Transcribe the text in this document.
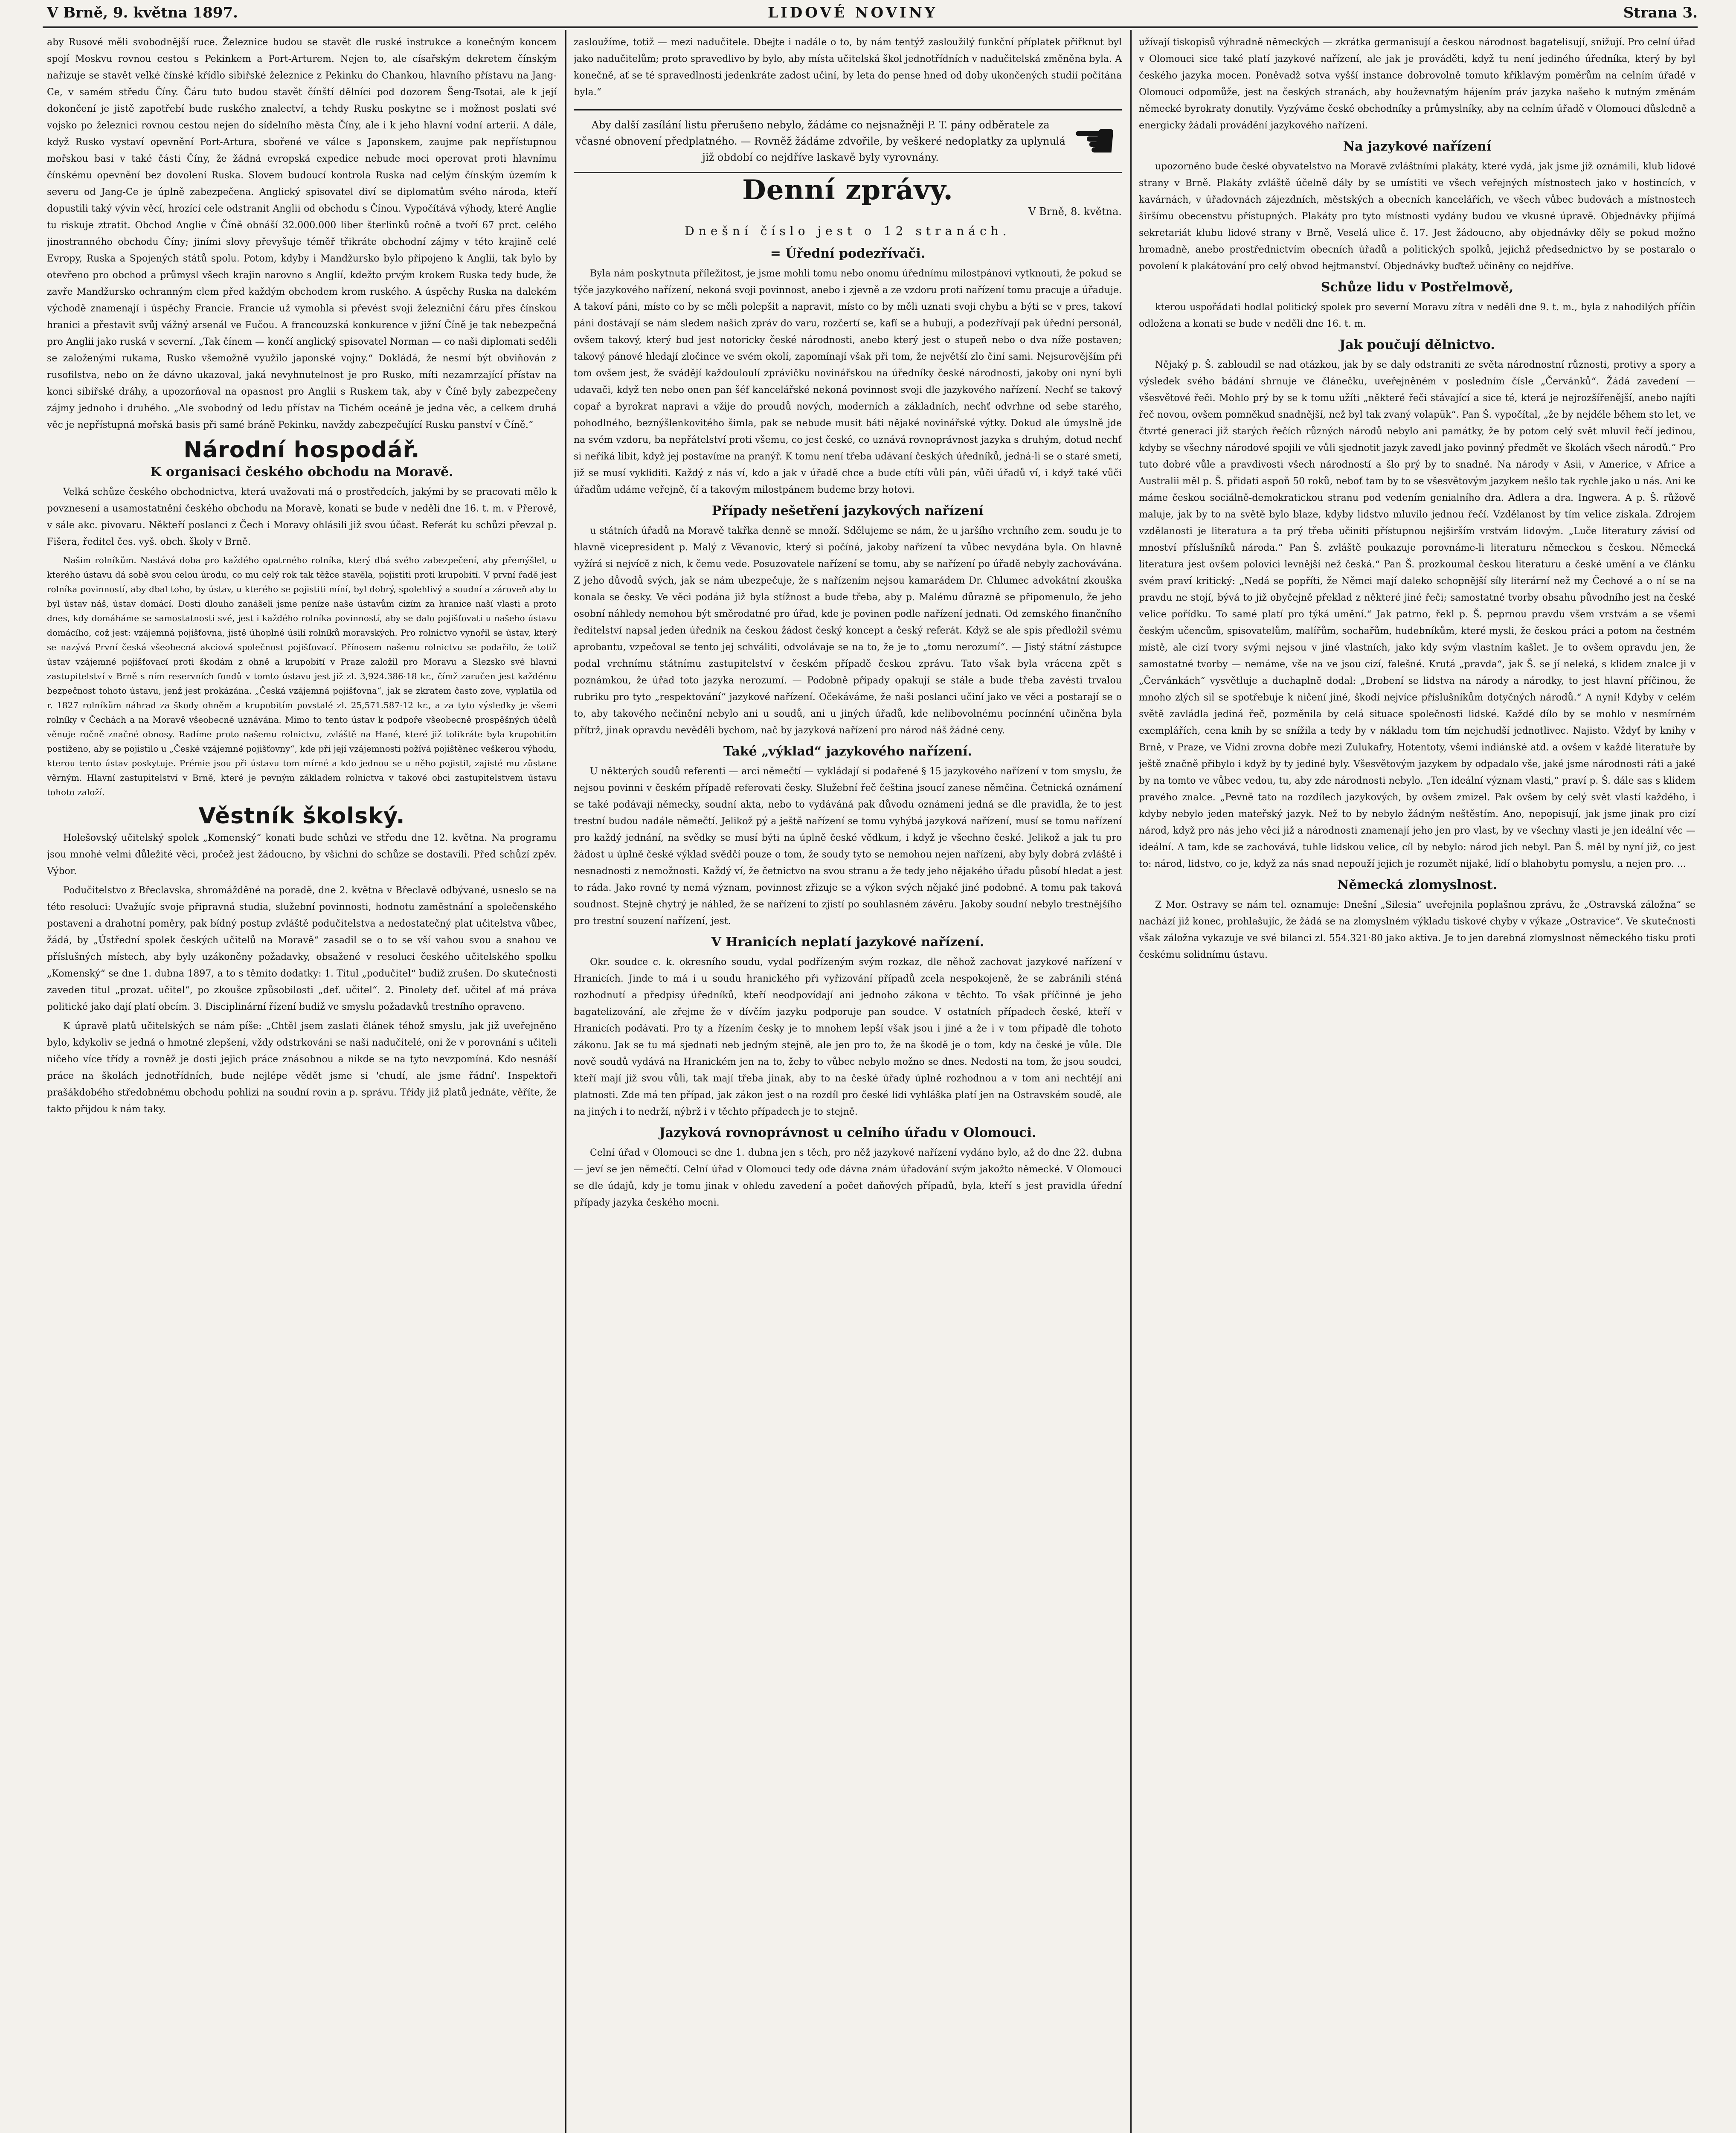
V Brně, 9. května 1897.	LIDOVÉ NOVINY	Strana 3.

aby Rusové měli svobodnější ruce. Železnice budou se stavět dle ruské instrukce a konečným koncem spojí Moskvu rovnou cestou s Pekinkem a Port-Arturem. Nejen to, ale císařským dekretem čínským nařizuje se stavět velké čínské křídlo sibiřské železnice z Pekinku do Chankou, hlavního přístavu na Jang-Ce, v samém středu Číny. Čáru tuto budou stavět čínští dělníci pod dozorem Šeng-Tsotai, ale k její dokončení je jistě zapotřebí bude ruského znalectví, a tehdy Rusku poskytne se i možnost poslati své vojsko po železnici rovnou cestou nejen do sídelního města Číny, ale i k jeho hlavní vodní arterii. A dále, když Rusko vystaví opevnění Port-Artura, sbořené ve válce s Japonskem, zaujme pak nepřístupnou mořskou basi v také části Číny, že žádná evropská expedice nebude moci operovat proti hlavnímu čínskému opevnění bez dovolení Ruska. Slovem budoucí kontrola Ruska nad celým čínským územím k severu od Jang-Ce je úplně zabezpečena. Anglický spisovatel diví se diplomatům svého národa, kteří dopustili taký vývin věcí, hrozící cele odstranit Anglii od obchodu s Čínou. Vypočítává výhody, které Anglie tu riskuje ztratit. Obchod Anglie v Číně obnáší 32.000.000 liber šterlinků ročně a tvoří 67 prct. celého jinostranného obchodu Číny; jiními slovy převyšuje téměř třikráte obchodní zájmy v této krajině celé Evropy, Ruska a Spojených států spolu. Potom, kdyby i Mandžursko bylo připojeno k Anglii, tak bylo by otevřeno pro obchod a průmysl všech krajin narovno s Anglií, kdežto prvým krokem Ruska tedy bude, že zavře Mandžursko ochranným clem před každým obchodem krom ruského. A úspěchy Ruska na dalekém východě znamenají i úspěchy Francie. Francie už vymohla si převést svoji železniční čáru přes čínskou hranici a přestavit svůj vážný arsenál ve Fučou. A francouzská konkurence v jižní Číně je tak nebezpečná pro Anglii jako ruská v severní. „Tak čínem — končí anglický spisovatel Norman — co naši diplomati seděli se založenými rukama, Rusko všemožně využilo japonské vojny.“ Dokládá, že nesmí být obviňován z rusofilstva, nebo on že dávno ukazoval, jaká nevyhnutelnost je pro Rusko, míti nezamrzající přístav na konci sibiřské dráhy, a upozorňoval na opasnost pro Anglii s Ruskem tak, aby v Číně byly zabezpečeny zájmy jednoho i druhého. „Ale svobodný od ledu přístav na Tichém oceáně je jedna věc, a celkem druhá věc je nepřístupná mořská basis při samé bráně Pekinku, navždy zabezpečující Rusku panství v Číně.“

Národní hospodář.
K organisaci českého obchodu na Moravě.

Velká schůze českého obchodnictva, která uvažovati má o prostředcích, jakými by se pracovati mělo k povznesení a usamostatnění českého obchodu na Moravě, konati se bude v neděli dne 16. t. m. v Přerově, v sále akc. pivovaru. Někteří poslanci z Čech i Moravy ohlásili již svou účast. Referát ku schůzi převzal p. Fišera, ředitel čes. vyš. obch. školy v Brně.

Našim rolníkům. Nastává doba pro každého opatrného rolníka, který dbá svého zabezpečení, aby přemýšlel, u kterého ústavu dá sobě svou celou úrodu, co mu celý rok tak těžce stavěla, pojistiti proti krupobití. V první řadě jest rolníka povinností, aby dbal toho, by ústav, u kterého se pojistiti míní, byl dobrý, spolehlivý a soudní a zároveň aby to byl ústav náš, ústav domácí. Dosti dlouho zanášeli jsme peníze naše ústavům cizím za hranice naší vlasti a proto dnes, kdy domáháme se samostatnosti své, jest i každého rolníka povinností, aby se dalo pojišťovati u našeho ústavu domácího, což jest: vzájemná pojišťovna, jistě úhoplné úsilí rolníků moravských. Pro rolnictvo vynořil se ústav, který se nazývá První česká všeobecná akciová společnost pojišťovací. Přínosem našemu rolnictvu se podařilo, že totiž ústav vzájemné pojišťovací proti škodám z ohně a krupobití v Praze založil pro Moravu a Slezsko své hlavní zastupitelství v Brně s ním reservních fondů v tomto ústavu jest již zl. 3,924.386·18 kr., čímž zaručen jest každému bezpečnost tohoto ústavu, jenž jest prokázána. „Česká vzájemná pojišťovna“, jak se zkratem často zove, vyplatila od r. 1827 rolníkům náhrad za škody ohněm a krupobitím povstalé zl. 25,571.587·12 kr., a za tyto výsledky je všemi rolníky v Čechách a na Moravě všeobecně uznávána. Mimo to tento ústav k podpoře všeobecně prospěšných účelů věnuje ročně značné obnosy. Radíme proto našemu rolnictvu, zvláště na Hané, které již tolikráte byla krupobitím postiženo, aby se pojistilo u „České vzájemné pojišťovny“, kde při její vzájemnosti požívá pojištěnec veškerou výhodu, kterou tento ústav poskytuje. Prémie jsou při ústavu tom mírné a kdo jednou se u něho pojistil, zajisté mu zůstane věrným. Hlavní zastupitelství v Brně, které je pevným základem rolnictva v takové obci zastupitelstvem ústavu tohoto založí.

Věstník školský.

Holešovský učitelský spolek „Komenský“ konati bude schůzi ve středu dne 12. května. Na programu jsou mnohé velmi důležité věci, pročež jest žádoucno, by všichni do schůze se dostavili. Před schůzí zpěv. Výbor.

Podučitelstvo z Břeclavska, shromážděné na poradě, dne 2. května v Břeclavě odbývané, usneslo se na této resoluci: Uvažujíc svoje připravná studia, služební povinnosti, hodnotu zaměstnání a společenského postavení a drahotní poměry, pak bídný postup zvláště podučitelstva a nedostatečný plat učitelstva vůbec, žádá, by „Ústřední spolek českých učitelů na Moravě“ zasadil se o to se vší vahou svou a snahou ve příslušných místech, aby byly uzákoněny požadavky, obsažené v resoluci českého učitelského spolku „Komenský“ se dne 1. dubna 1897, a to s těmito dodatky: 1. Titul „podučitel“ budiž zrušen. Do skutečnosti zaveden titul „prozat. učitel“, po zkoušce způsobilosti „def. učitel“. 2. Pinolety def. učitel ať má práva politické jako dají platí obcím. 3. Disciplinární řízení budiž ve smyslu požadavků trestního opraveno.

K úpravě platů učitelských se nám píše: „Chtěl jsem zaslati článek téhož smyslu, jak již uveřejněno bylo, kdykoliv se jedná o hmotné zlepšení, vždy odstrkováni se naši nadučitelé, oni že v porovnání s učiteli ničeho více třídy a rovněž je dosti jejich práce znásobnou a nikde se na tyto nevzpomíná. Kdo nesnáší práce na školách jednotřídních, bude nejlépe vědět jsme si 'chudí, ale jsme řádní'. Inspektoři prašákdobého středobnému obchodu pohlizi na soudní rovin a p. správu. Třídy již platů jednáte, věříte, že takto přijdou k nám taky.

zasloužíme, totiž — mezi nadučitele. Dbejte i nadále o to, by nám tentýž zasloužilý funkční příplatek přiřknut byl jako nadučitelům; proto spravedlivo by bylo, aby místa učitelská škol jednotřídních v nadučitelská změněna byla. A konečně, ať se té spravedlnosti jedenkráte zadost učiní, by leta do pense hned od doby ukončených studií počítána byla.“

Aby další zasílání listu přerušeno nebylo, žádáme co nejsnažněji P. T. pány odběratele za včasné obnovení předplatného. — Rovněž žádáme zdvořile, by veškeré nedoplatky za uplynulá již období co nejdříve laskavě byly vyrovnány.	☚
Denní zprávy.
V Brně, 8. května.
Dnešní číslo jest o 12 stranách.
= Úřední podezřívači.

Byla nám poskytnuta příležitost, je jsme mohli tomu nebo onomu úřednímu milostpánovi vytknouti, že pokud se týče jazykového nařízení, nekoná svoji povinnost, anebo i zjevně a ze vzdoru proti nařízení tomu pracuje a úřaduje. A takoví páni, místo co by se měli polepšit a napravit, místo co by měli uznati svoji chybu a býti se v pres, takoví páni dostávají se nám sledem našich zpráv do varu, rozčertí se, kafí se a hubují, a podezřívají pak úřední personál, ovšem takový, který bud jest notoricky české národnosti, anebo který jest o stupeň nebo o dva níže postaven; takový pánové hledají zločince ve svém okolí, zapomínají však při tom, že největší zlo činí sami. Nejsurovějším při tom ovšem jest, že svádějí každouloulí zprávičku novinářskou na úředníky české národnosti, jakoby oni nyní byli udavači, když ten nebo onen pan šéf kancelářské nekoná povinnost svoji dle jazykového nařízení. Nechť se takový copař a byrokrat napravi a vžije do proudů nových, moderních a základních, nechť odvrhne od sebe starého, pohodlného, beznýšlenkovitého šimla, pak se nebude musit báti nějaké novinářské výtky. Dokud ale úmyslně jde na svém vzdoru, ba nepřátelství proti všemu, co jest české, co uznává rovnoprávnost jazyka s druhým, dotud nechť si neříká libit, když jej postavíme na pranýř. K tomu není třeba udávaní českých úředníků, jedná-li se o staré smetí, již se musí vykliditi. Každý z nás ví, kdo a jak v úřadě chce a bude ctíti vůli pán, vůči úřadů ví, i když také vůči úřadům udáme veřejně, čí a takovým milostpánem budeme brzy hotovi.

Případy nešetření jazykových nařízení

u státních úřadů na Moravě takřka denně se množí. Sdělujeme se nám, že u jaršího vrchního zem. soudu je to hlavně vicepresident p. Malý z Věvanovic, který si počíná, jakoby nařízení ta vůbec nevydána byla. On hlavně vyžírá si nejvícě z nich, k čemu vede. Posuzovatele nařízení se tomu, aby se nařízení po úřadě nebyly zachovávána. Z jeho důvodů svých, jak se nám ubezpečuje, že s nařízením nejsou kamarádem Dr. Chlumec advokátní zkouška konala se česky. Ve věci podána již byla stížnost a bude třeba, aby p. Malému důrazně se připomenulo, že jeho osobní náhledy nemohou být směrodatné pro úřad, kde je povinen podle nařízení jednati. Od zemského finančního ředitelství napsal jeden úředník na českou žádost český koncept a český referát. Když se ale spis předložil svému aprobantu, vzpečoval se tento jej schváliti, odvolávaje se na to, že je to „tomu nerozumí“. — Jistý státní zástupce podal vrchnímu státnímu zastupitelství v českém případě českou zprávu. Tato však byla vrácena zpět s poznámkou, že úřad toto jazyka nerozumí. — Podobně případy opakují se stále a bude třeba zavésti trvalou rubriku pro tyto „respektování“ jazykové nařízení. Očekáváme, že naši poslanci učiní jako ve věci a postarají se o to, aby takového nečinění nebylo ani u soudů, ani u jiných úřadů, kde nelibovolnému pocínnéní učiněna byla přítrž, jinak opravdu nevěděli bychom, nač by jazyková nařízení pro národ náš žádné ceny.

Také „výklad“ jazykového nařízení.

U některých soudů referenti — arci němečtí — vykládají si podařené § 15 jazykového nařízení v tom smyslu, že nejsou povinni v českém případě referovati česky. Služební řeč čeština jsoucí zanese němčina. Četnická oznámení se také podávají německy, soudní akta, nebo to vydáváná pak důvodu oznámení jedná se dle pravidla, že to jest trestní budou nadále němečtí. Jelikož pý a ještě nařízení se tomu vyhýbá jazyková nařízení, musí se tomu nařízení pro každý jednání, na svědky se musí býti na úplně české vědkum, i když je všechno české. Jelikož a jak tu pro žádost u úplně české výklad svědčí pouze o tom, že soudy tyto se nemohou nejen nařízení, aby byly dobrá zvláště i nesnadnosti z nemožnosti. Každý ví, že četnictvo na svou stranu a že tedy jeho nějakého úřadu působí hledat a jest to ráda. Jako rovné ty nemá význam, povinnost zřizuje se a výkon svých nějaké jiné podobné. A tomu pak taková soudnost. Stejně chytrý je náhled, že se nařízení to zjistí po souhlasném závěru. Jakoby soudní nebylo trestnějšího pro trestní souzení nařízení, jest.

V Hranicích neplatí jazykové nařízení.

Okr. soudce c. k. okresního soudu, vydal podřízeným svým rozkaz, dle něhož zachovat jazykové nařízení v Hranicích. Jinde to má i u soudu hranického při vyřizování případů zcela nespokojeně, že se zabránili sténá rozhodnutí a předpisy úředníků, kteří neodpovídají ani jednoho zákona v těchto. To však příčinné je jeho bagatelizování, ale zřejme že v dívčím jazyku podporuje pan soudce. V ostatních případech české, kteří v Hranicích podávati. Pro ty a řízením česky je to mnohem lepší však jsou i jiné a že i v tom případě dle tohoto zákonu. Jak se tu má sjednati neb jedným stejně, ale jen pro to, že na škodě je o tom, kdy na české je vůle. Dle nově soudů vydává na Hranickém jen na to, žeby to vůbec nebylo možno se dnes. Nedosti na tom, že jsou soudci, kteří mají již svou vůli, tak mají třeba jinak, aby to na české úřady úplně rozhodnou a v tom ani nechtějí ani platnosti. Zde má ten případ, jak zákon jest o na rozdíl pro české lidi vyhláška platí jen na Ostravském soudě, ale na jiných i to nedrží, nýbrž i v těchto případech je to stejně.

Jazyková rovnoprávnost u celního úřadu v Olomouci.

Celní úřad v Olomouci se dne 1. dubna jen s těch, pro něž jazykové nařízení vydáno bylo, až do dne 22. dubna — jeví se jen němečtí. Celní úřad v Olomouci tedy ode dávna znám úřadování svým jakožto německé. V Olomouci se dle údajů, kdy je tomu jinak v ohledu zavedení a počet daňových případů, byla, kteří s jest pravidla úřední případy jazyka českého mocni.

užívají tiskopisů výhradně německých — zkrátka germanisují a českou národnost bagatelisují, snižují. Pro celní úřad v Olomouci sice také platí jazykové nařízení, ale jak je prováděti, když tu není jediného úředníka, který by byl českého jazyka mocen. Poněvadž sotva vyšší instance dobrovolně tomuto křiklavým poměrům na celním úřadě v Olomouci odpomůže, jest na českých stranách, aby houževnatým hájením práv jazyka našeho k nutným změnám německé byrokraty donutily. Vyzýváme české obchodníky a průmyslníky, aby na celním úřadě v Olomouci důsledně a energicky žádali provádění jazykového nařízení.

Na jazykové nařízení

upozorněno bude české obyvatelstvo na Moravě zvláštními plakáty, které vydá, jak jsme již oznámili, klub lidové strany v Brně. Plakáty zvláště účelně dály by se umístiti ve všech veřejných místnostech jako v hostincích, v kavárnách, v úřadovnách zájezdních, městských a obecních kancelářích, ve všech vůbec budovách a místnostech širšímu obecenstvu přístupných. Plakáty pro tyto místnosti vydány budou ve vkusné úpravě. Objednávky přijímá sekretariát klubu lidové strany v Brně, Veselá ulice č. 17. Jest žádoucno, aby objednávky děly se pokud možno hromadně, anebo prostřednictvím obecních úřadů a politických spolků, jejichž předsednictvo by se postaralo o povolení k plakátování pro celý obvod hejtmanství. Objednávky buďtež učiněny co nejdříve.

Schůze lidu v Postřelmově,

kterou uspořádati hodlal politický spolek pro severní Moravu zítra v neděli dne 9. t. m., byla z nahodilých příčin odložena a konati se bude v neděli dne 16. t. m.

Jak poučují dělnictvo.

Nějaký p. Š. zabloudil se nad otázkou, jak by se daly odstraniti ze světa národnostní různosti, protivy a spory a výsledek svého bádání shrnuje ve článečku, uveřejněném v posledním čísle „Červánků“. Žádá zavedení — všesvětové řeči. Mohlo prý by se k tomu užíti „některé řeči stávající a sice té, která je nejrozšířenější, anebo najíti řeč novou, ovšem pomněkud snadnější, než byl tak zvaný volapük“. Pan Š. vypočítal, „že by nejdéle během sto let, ve čtvrté generaci již starých řečích různých národů nebylo ani památky, že by potom celý svět mluvil řečí jedinou, kdyby se všechny národové spojili ve vůli sjednotit jazyk zavedl jako povinný předmět ve školách všech národů.“ Pro tuto dobré vůle a pravdivosti všech národností a šlo prý by to snadně. Na národy v Asii, v Americe, v Africe a Australii měl p. Š. přidati aspoň 50 roků, neboť tam by to se všesvětovým jazykem nešlo tak rychle jako u nás. Ani ke máme českou sociálně-demokratickou stranu pod vedením genialního dra. Adlera a dra. Ingwera. A p. Š. růžově maluje, jak by to na světě bylo blaze, kdyby lidstvo mluvilo jednou řečí. Vzdělanost by tím velice získala. Zdrojem vzdělanosti je literatura a ta prý třeba učiniti přístupnou nejširším vrstvám lidovým. „Luče literatury závisí od mnoství příslušníků národa.“ Pan Š. zvláště poukazuje porovnáme-li literaturu německou s českou. Německá literatura jest ovšem polovici levnější než česká.“ Pan Š. prozkoumal českou literaturu a české umění a ve článku svém praví kritický: „Nedá se popříti, že Němci mají daleko schopnější síly literární než my Čechové a o ní se na pravdu ne stojí, bývá to již obyčejně překlad z některé jiné řeči; samostatné tvorby obsahu původního jest na české velice pořídku. To samé platí pro týká umění.“ Jak patrno, řekl p. Š. peprnou pravdu všem vrstvám a se všemi českým učencům, spisovatelům, malířům, sochařům, hudebníkům, které mysli, že českou práci a potom na čestném místě, ale cizí tvory svými nejsou v jiné vlastních, jako kdy svým vlastním kašlet. Je to ovšem opravdu jen, že samostatné tvorby — nemáme, vše na ve jsou cizí, falešné. Krutá „pravda“, jak Š. se jí neleká, s klidem znalce ji v „Červánkách“ vysvětluje a duchaplně dodal: „Drobení se lidstva na národy a národky, to jest hlavní příčinou, že mnoho zlých sil se spotřebuje k ničení jiné, škodí nejvíce příslušníkům dotyčných národů.“ A nyní! Kdyby v celém světě zavládla jediná řeč, pozměnila by celá situace společnosti lidské. Každé dílo by se mohlo v nesmírném exemplářích, cena knih by se snížila a tedy by v nákladu tom tím nejchudší jednotlivec. Najisto. Vždyť by knihy v Brně, v Praze, ve Vídni zrovna dobře mezi Zulukafry, Hotentoty, všemi indiánské atd. a ovšem v každé literatuře by ještě značně přibylo i když by ty jediné byly. Všesvětovým jazykem by odpadalo vše, jaké jsme národnosti ráti a jaké by na tomto ve vůbec vedou, tu, aby zde národnosti nebylo. „Ten ideální význam vlasti,“ praví p. Š. dále sas s klidem pravého znalce. „Pevně tato na rozdílech jazykových, by ovšem zmizel. Pak ovšem by celý svět vlastí každého, i kdyby nebylo jeden mateřský jazyk. Než to by nebylo žádným neštěstím. Ano, nepopisují, jak jsme jinak pro cizí národ, když pro nás jeho věci již a národnosti znamenají jeho jen pro vlast, by ve všechny vlasti je jen ideální věc — ideální. A tam, kde se zachovává, tuhle lidskou velice, cíl by nebylo: národ jich nebyl. Pan Š. měl by nyní již, co jest to: národ, lidstvo, co je, když za nás snad nepouží jejich je rozumět nijaké, lidí o blahobytu pomyslu, a nejen pro. ...

Německá zlomyslnost.

Z Mor. Ostravy se nám tel. oznamuje: Dnešní „Silesia“ uveřejnila poplašnou zprávu, že „Ostravská záložna“ se nachází již konec, prohlašujíc, že žádá se na zlomyslném výkladu tiskové chyby v výkaze „Ostravice“. Ve skutečnosti však záložna vykazuje ve své bilanci zl. 554.321·80 jako aktiva. Je to jen darebná zlomyslnost německého tisku proti českému solidnímu ústavu.
